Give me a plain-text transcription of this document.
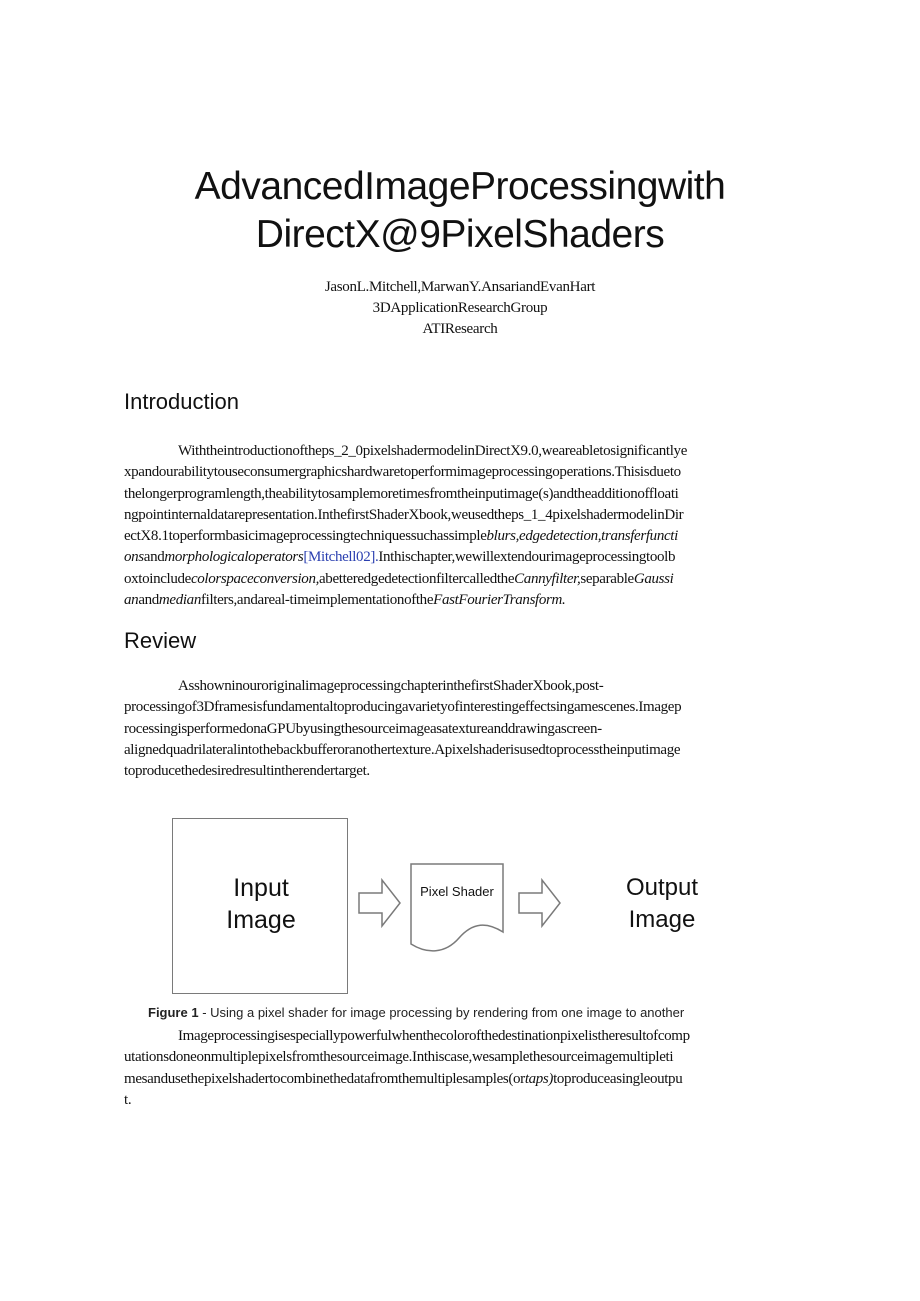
AdvancedImageProcessingwith
DirectX@9PixelShaders
JasonL.Mitchell,MarwanY.AnsariandEvanHart
3DApplicationResearchGroup
ATIResearch
Introduction
Withtheintroductionoftheps_2_0pixelshadermodelinDirectX9.0,weareabletosignificantlye
xpandourabilitytouseconsumergraphicshardwaretoperformimageprocessingoperations.Thisisdueto
thelongerprogramlength,theabilitytosamplemoretimesfromtheinputimage(s)andtheadditionoffloati
ngpointinternaldatarepresentation.InthefirstShaderXbook,weusedtheps_1_4pixelshadermodelinDir
ectX8.1toperformbasicimageprocessingtechniquessuchassimpleblurs,edgedetection,transferfuncti
onsandmorphologicaloperators[Mitchell02].Inthischapter,wewillextendourimageprocessingtoolb
oxtoincludecolorspaceconversion,abetteredgedetectionfiltercalledtheCannyfilter,separableGaussi
anandmedianfilters,andareal-timeimplementationoftheFastFourierTransform.
Review
AsshowninouroriginalimageprocessingchapterinthefirstShaderXbook,post-
processingof3Dframesisfundamentaltoproducingavarietyofinterestingeffectsingamescenes.Imagep
rocessingisperformedonaGPUbyusingthesourceimageasatextureanddrawingascreen-
alignedquadrilateralintothebackbufferoranothertexture.Apixelshaderisusedtoprocesstheinputimage
toproducethedesiredresultintherendertarget.
Input
Image
Pixel Shader	Output
Image
Figure 1 - Using a pixel shader for image processing by rendering from one image to another
Imageprocessingisespeciallypowerfulwhenthecolorofthedestinationpixelistheresultofcomp
utationsdoneonmultiplepixelsfromthesourceimage.Inthiscase,wesamplethesourceimagemultipleti
mesandusethepixelshadertocombinethedatafromthemultiplesamples(ortaps)toproduceasingleoutpu
t.
